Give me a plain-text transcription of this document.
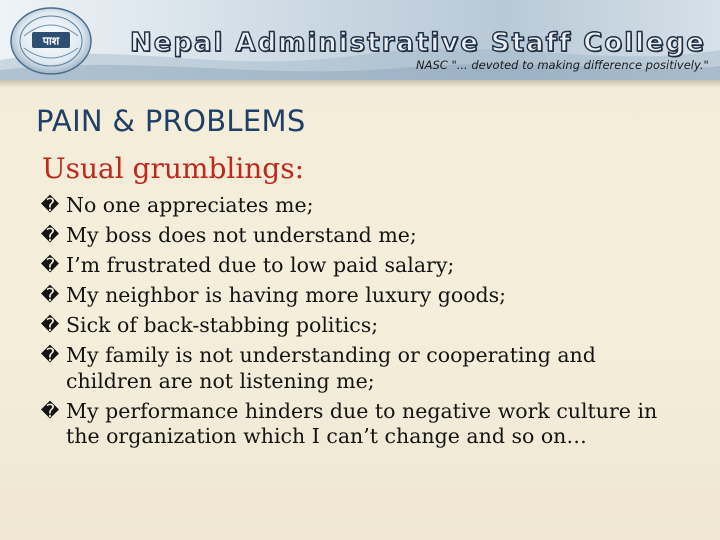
पाश	Nepal Administrative Staff College
NASC "... devoted to making difference positively."
PAIN & PROBLEMS
Usual grumblings:
� No one appreciates me;
� My boss does not understand me;
� I’m frustrated due to low paid salary;
� My neighbor is having more luxury goods;
� Sick of back-stabbing politics;
� My family is not understanding or cooperating and children are not listening me;
� My performance hinders due to negative work culture in the organization which I can’t change and so on…
